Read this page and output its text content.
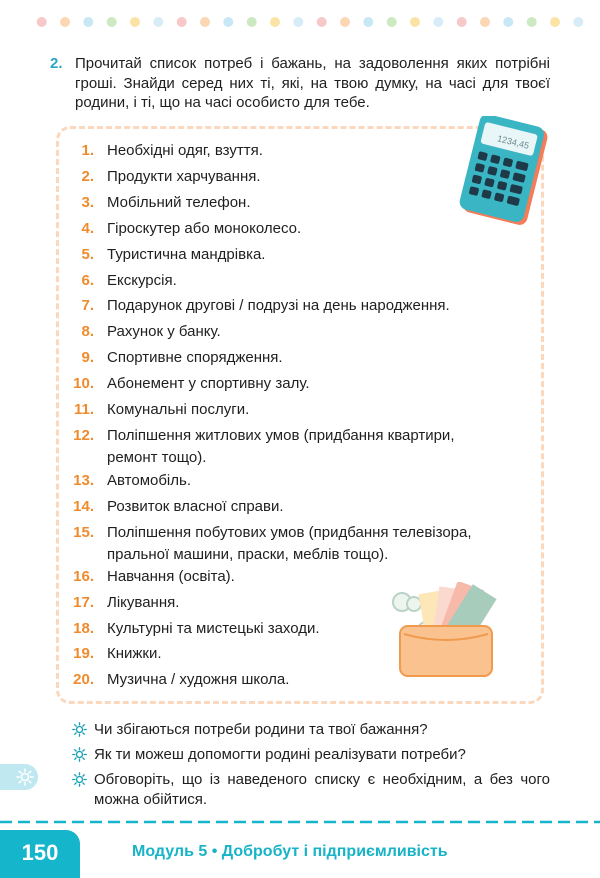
2. Прочитай список потреб і бажань, на задоволення яких потрібні гроші. Знайди серед них ті, які, на твою думку, на часі для твоєї родини, і ті, що на часі особисто для тебе.
1. Необхідні одяг, взуття.
2. Продукти харчування.
3. Мобільний телефон.
4. Гіроскутер або моноколесо.
5. Туристична мандрівка.
6. Екскурсія.
7. Подарунок другові / подрузі на день народження.
8. Рахунок у банку.
9. Спортивне спорядження.
10. Абонемент у спортивну залу.
11. Комунальні послуги.
12. Поліпшення житлових умов (придбання квартири, ремонт тощо).
13. Автомобіль.
14. Розвиток власної справи.
15. Поліпшення побутових умов (придбання телевізора, пральної машини, праски, меблів тощо).
16. Навчання (освіта).
17. Лікування.
18. Культурні та мистецькі заходи.
19. Книжки.
20. Музична / художня школа.
1234,45
Чи збігаються потреби родини та твої бажання?
Як ти можеш допомогти родині реалізувати потреби?
Обговоріть, що із наведеного списку є необхідним, а без чого можна обійтися.
150	Модуль 5 • Добробут і підприємливість
